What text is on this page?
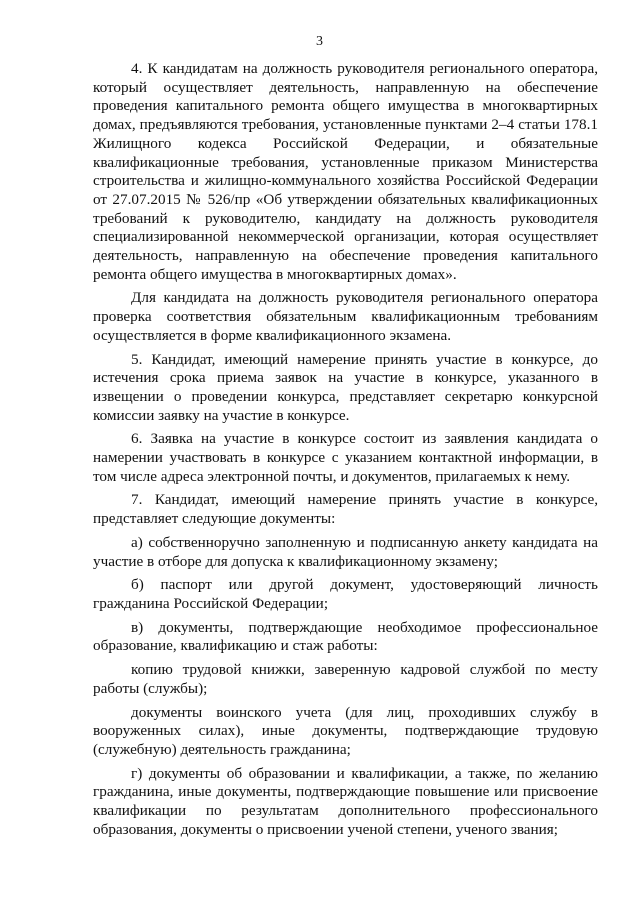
3

4. К кандидатам на должность руководителя регионального оператора, который осуществляет деятельность, направленную на обеспечение проведения капитального ремонта общего имущества в многоквартирных домах, предъявляются требования, установленные пунктами 2–4 статьи 178.1 Жилищного кодекса Российской Федерации, и обязательные квалификационные требования, установленные приказом Министерства строительства и жилищно-коммунального хозяйства Российской Федерации от 27.07.2015 № 526/пр «Об утверждении обязательных квалификационных требований к руководителю, кандидату на должность руководителя специализированной некоммерческой организации, которая осуществляет деятельность, направленную на обеспечение проведения капитального ремонта общего имущества в многоквартирных домах».

Для кандидата на должность руководителя регионального оператора проверка соответствия обязательным квалификационным требованиям осуществляется в форме квалификационного экзамена.

5. Кандидат, имеющий намерение принять участие в конкурсе, до истечения срока приема заявок на участие в конкурсе, указанного в извещении о проведении конкурса, представляет секретарю конкурсной комиссии заявку на участие в конкурсе.

6. Заявка на участие в конкурсе состоит из заявления кандидата о намерении участвовать в конкурсе с указанием контактной информации, в том числе адреса электронной почты, и документов, прилагаемых к нему.

7. Кандидат, имеющий намерение принять участие в конкурсе, представляет следующие документы:

а) собственноручно заполненную и подписанную анкету кандидата на участие в отборе для допуска к квалификационному экзамену;

б) паспорт или другой документ, удостоверяющий личность гражданина Российской Федерации;

в) документы, подтверждающие необходимое профессиональное образование, квалификацию и стаж работы:

копию трудовой книжки, заверенную кадровой службой по месту работы (службы);

документы воинского учета (для лиц, проходивших службу в вооруженных силах), иные документы, подтверждающие трудовую (служебную) деятельность гражданина;

г) документы об образовании и квалификации, а также, по желанию гражданина, иные документы, подтверждающие повышение или присвоение квалификации по результатам дополнительного профессионального образования, документы о присвоении ученой степени, ученого звания;
